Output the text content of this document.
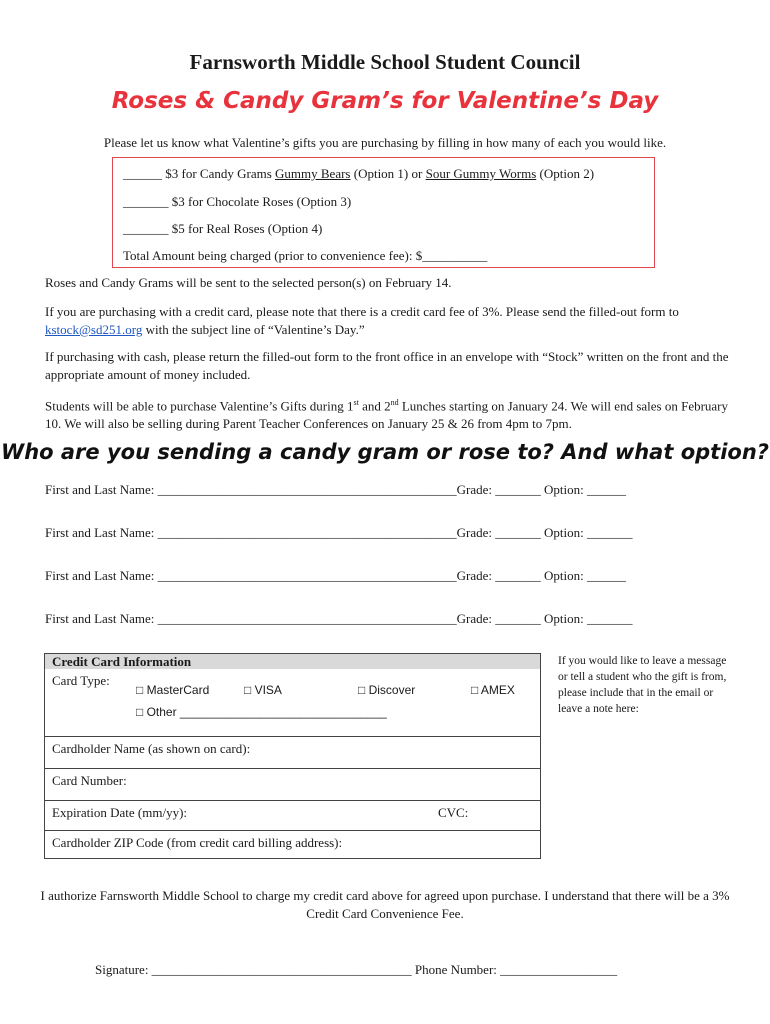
Farnsworth Middle School Student Council
Roses & Candy Gram’s for Valentine’s Day
Please let us know what Valentine’s gifts you are purchasing by filling in how many of each you would like.
______ $3 for Candy Grams Gummy Bears (Option 1) or Sour Gummy Worms (Option 2)
_______ $3 for Chocolate Roses (Option 3)
_______ $5 for Real Roses (Option 4)
Total Amount being charged (prior to convenience fee): $__________
Roses and Candy Grams will be sent to the selected person(s) on February 14.
If you are purchasing with a credit card, please note that there is a credit card fee of 3%. Please send the filled-out form to kstock@sd251.org with the subject line of “Valentine’s Day.”
If purchasing with cash, please return the filled-out form to the front office in an envelope with “Stock” written on the front and the appropriate amount of money included.
Students will be able to purchase Valentine’s Gifts during 1st and 2nd Lunches starting on January 24. We will end sales on February 10. We will also be selling during Parent Teacher Conferences on January 25 & 26 from 4pm to 7pm.
Who are you sending a candy gram or rose to? And what option?
First and Last Name: ______________________________________________Grade: _______ Option: ______
First and Last Name: ______________________________________________Grade: _______ Option: _______
First and Last Name: ______________________________________________Grade: _______ Option: ______
First and Last Name: ______________________________________________Grade: _______ Option: _______
Credit Card Information
Card Type:
□ MasterCard	□ VISA	□ Discover	□ AMEX
□ Other _______________________________
Cardholder Name (as shown on card):
Card Number:
Expiration Date (mm/yy):	CVC:
Cardholder ZIP Code (from credit card billing address):
If you would like to leave a message or tell a student who the gift is from, please include that in the email or leave a note here:
I authorize Farnsworth Middle School to charge my credit card above for agreed upon purchase. I understand that there will be a 3% Credit Card Convenience Fee.
Signature: ________________________________________ Phone Number: __________________
